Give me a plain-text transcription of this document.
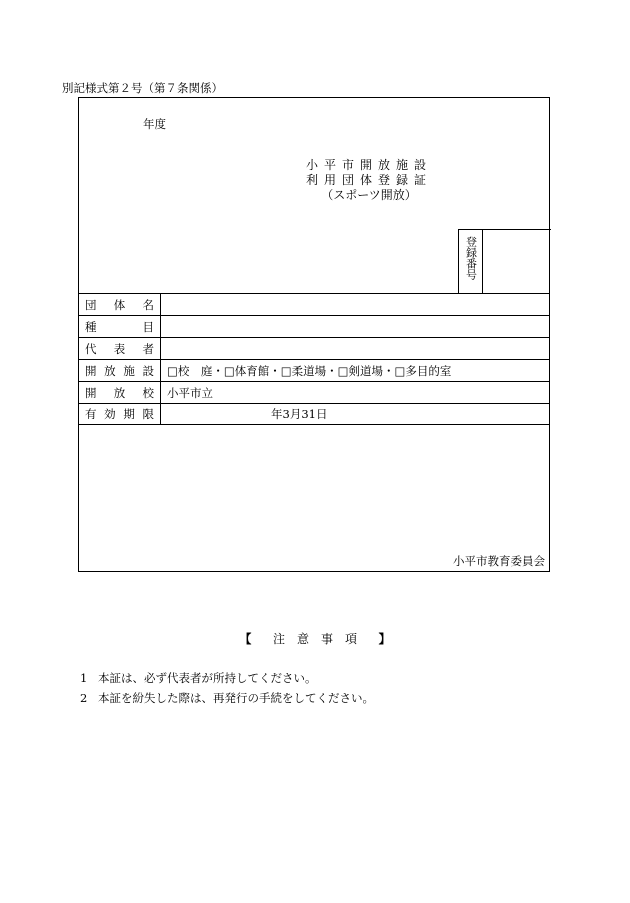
別記様式第２号（第７条関係）
年度
小平市開放施設
利用団体登録証
（スポーツ開放）
登録番号
団 体 名
種	目
代 表 者
開 放 施 設 □校　庭・□体育館・□柔道場・□剣道場・□多目的室
開 放 校 小平市立
有 効 期 限	年3月31日
小平市教育委員会
【 注　意　事　項 】
1 本証は、必ず代表者が所持してください。
2 本証を紛失した際は、再発行の手続をしてください。
